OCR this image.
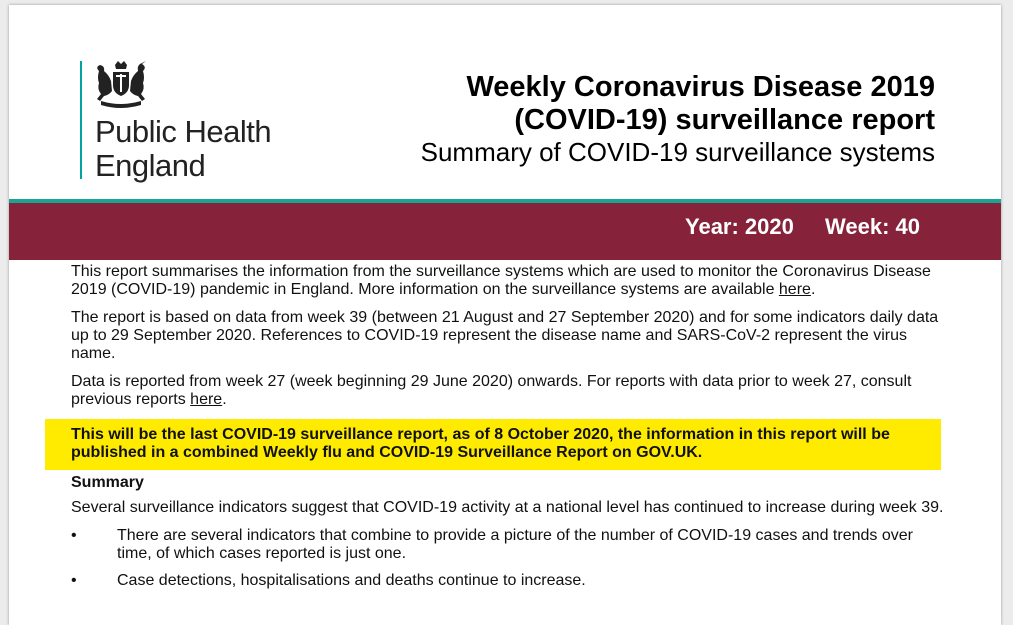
Public Health
England
Weekly Coronavirus Disease 2019
(COVID-19) surveillance report
Summary of COVID-19 surveillance systems
Year: 2020 Week: 40

This report summarises the information from the surveillance systems which are used to monitor the Coronavirus Disease 2019 (COVID-19) pandemic in England. More information on the surveillance systems are available here.

The report is based on data from week 39 (between 21 August and 27 September 2020) and for some indicators daily data up to 29 September 2020. References to COVID-19 represent the disease name and SARS-CoV-2 represent the virus name.

Data is reported from week 27 (week beginning 29 June 2020) onwards. For reports with data prior to week 27, consult previous reports here.

This will be the last COVID-19 surveillance report, as of 8 October 2020, the information in this report will be published in a combined Weekly flu and COVID-19 Surveillance Report on GOV.UK.
Summary

Several surveillance indicators suggest that COVID-19 activity at a national level has continued to increase during week 39.

•	There are several indicators that combine to provide a picture of the number of COVID-19 cases and trends over time, of which cases reported is just one.
•	Case detections, hospitalisations and deaths continue to increase.
